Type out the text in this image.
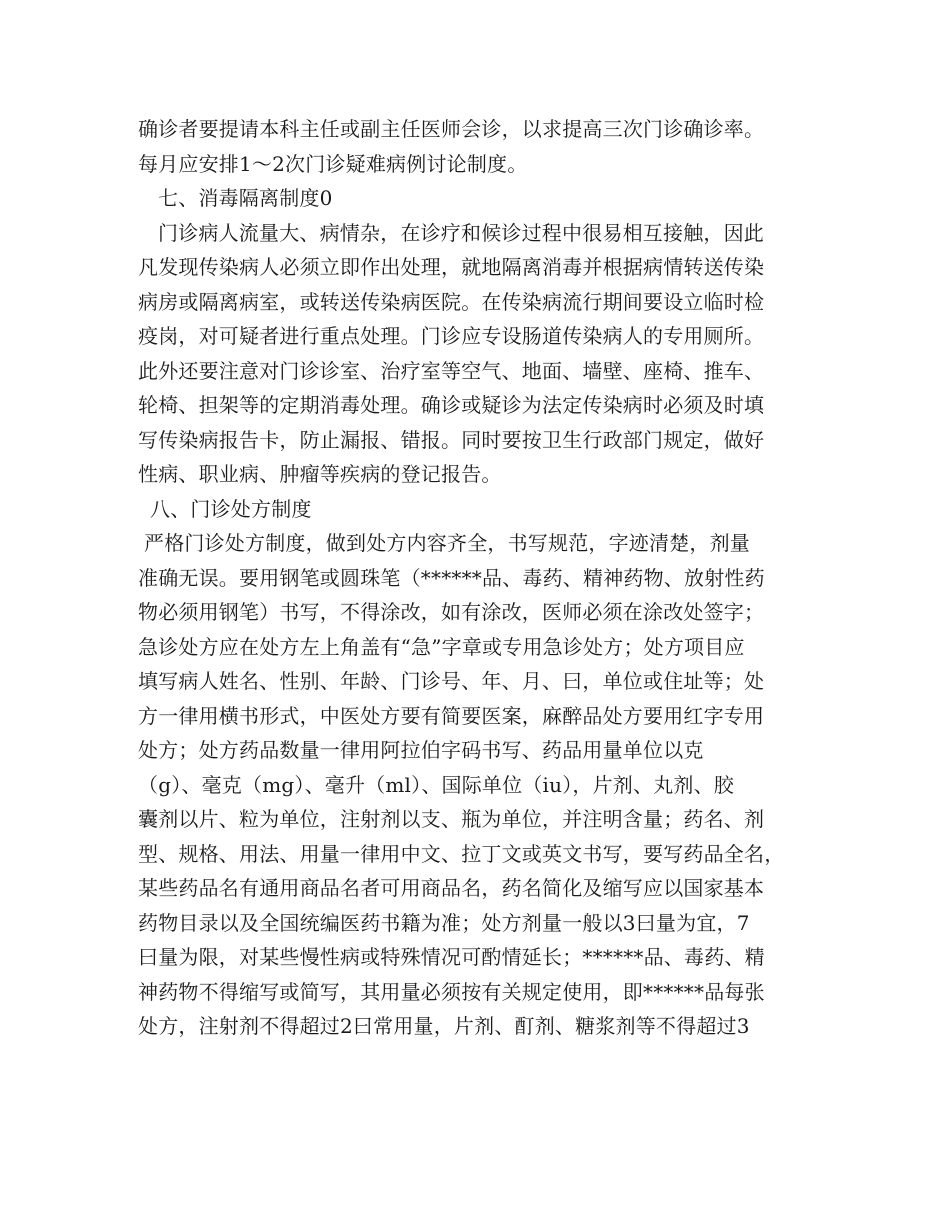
确诊者要提请本科主任或副主任医师会诊，以求提高三次门诊确诊率。
每月应安排1～2次门诊疑难病例讨论制度。
七、消毒隔离制度0
门诊病人流量大、病情杂，在诊疗和候诊过程中很易相互接触，因此
凡发现传染病人必须立即作出处理，就地隔离消毒并根据病情转送传染
病房或隔离病室，或转送传染病医院。在传染病流行期间要设立临时检
疫岗，对可疑者进行重点处理。门诊应专设肠道传染病人的专用厕所。
此外还要注意对门诊诊室、治疗室等空气、地面、墙壁、座椅、推车、
轮椅、担架等的定期消毒处理。确诊或疑诊为法定传染病时必须及时填
写传染病报告卡，防止漏报、错报。同时要按卫生行政部门规定，做好
性病、职业病、肿瘤等疾病的登记报告。
八、门诊处方制度
严格门诊处方制度，做到处方内容齐全，书写规范，字迹清楚，剂量
准确无误。要用钢笔或圆珠笔（******品、毒药、精神药物、放射性药
物必须用钢笔）书写，不得涂改，如有涂改，医师必须在涂改处签字；
急诊处方应在处方左上角盖有“急”字章或专用急诊处方；处方项目应
填写病人姓名、性别、年龄、门诊号、年、月、曰，单位或住址等；处
方一律用横书形式，中医处方要有简要医案，麻醉品处方要用红字专用
处方；处方药品数量一律用阿拉伯字码书写、药品用量单位以克
（g）、毫克（mg）、毫升（ml）、国际单位（iu），片剂、丸剂、胶
囊剂以片、粒为单位，注射剂以支、瓶为单位，并注明含量；药名、剂
型、规格、用法、用量一律用中文、拉丁文或英文书写，要写药品全名，
某些药品名有通用商品名者可用商品名，药名简化及缩写应以国家基本
药物目录以及全国统编医药书籍为准；处方剂量一般以3曰量为宜，7
曰量为限，对某些慢性病或特殊情况可酌情延长；******品、毒药、精
神药物不得缩写或简写，其用量必须按有关规定使用，即******品每张
处方，注射剂不得超过2曰常用量，片剂、酊剂、糖浆剂等不得超过3
